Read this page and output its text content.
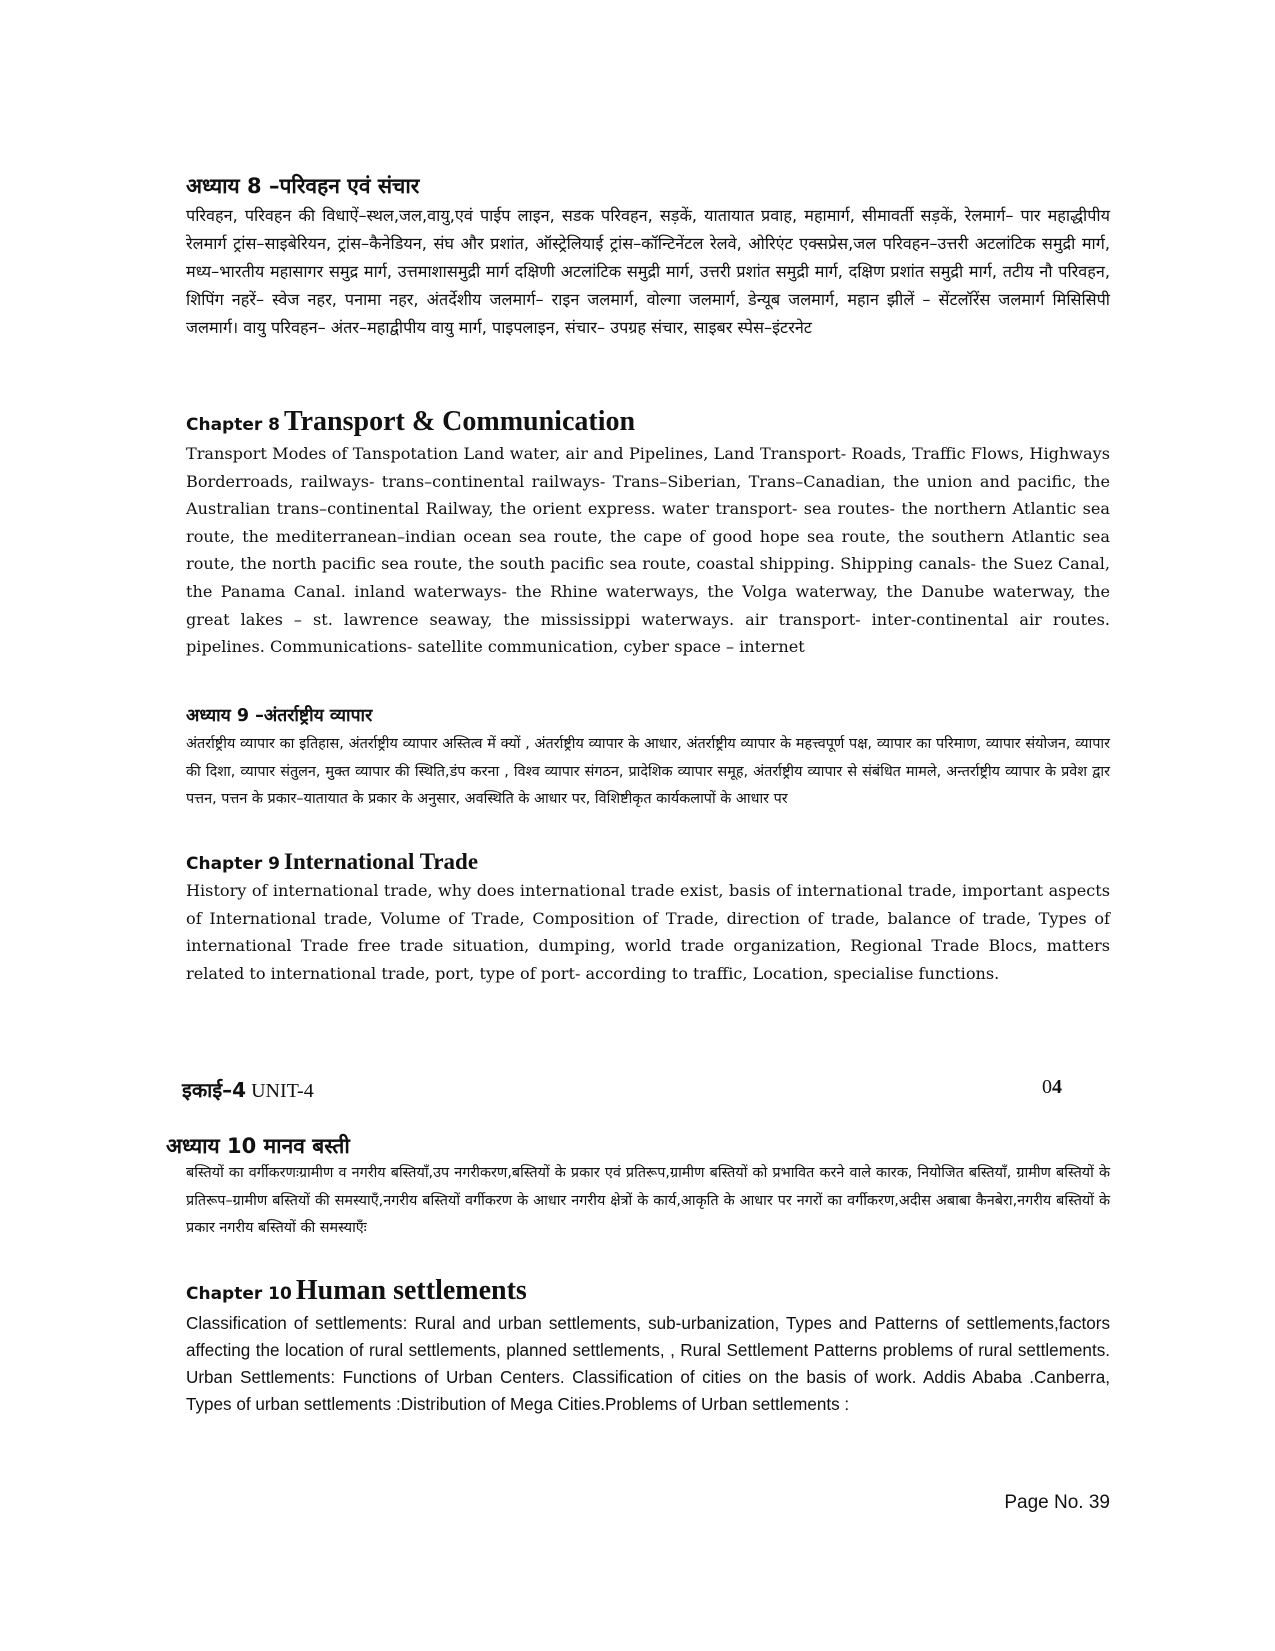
अध्याय 8 –परिवहन एवं संचार
परिवहन, परिवहन की विधाऐं–स्थल,जल,वायु,एवं पाईप लाइन, सडक परिवहन, सड़कें, यातायात प्रवाह, महामार्ग, सीमावर्ती सड़कें, रेलमार्ग– पार महाद्धीपीय रेलमार्ग ट्रांस–साइबेरियन, ट्रांस–कैनेडियन, संघ और प्रशांत, ऑस्ट्रेलियाई ट्रांस–कॉन्टिनेंटल रेलवे, ओरिएंट एक्सप्रेस,जल परिवहन–उत्तरी अटलांटिक समुद्री मार्ग, मध्य–भारतीय महासागर समुद्र मार्ग, उत्तमाशासमुद्री मार्ग दक्षिणी अटलांटिक समुद्री मार्ग, उत्तरी प्रशांत समुद्री मार्ग, दक्षिण प्रशांत समुद्री मार्ग, तटीय नौ परिवहन, शिपिंग नहरें– स्वेज नहर, पनामा नहर, अंतर्देशीय जलमार्ग– राइन जलमार्ग, वोल्गा जलमार्ग, डेन्यूब जलमार्ग, महान झीलें – सेंटलॉरेंस जलमार्ग मिसिसिपी जलमार्ग। वायु परिवहन– अंतर–महाद्वीपीय वायु मार्ग, पाइपलाइन, संचार– उपग्रह संचार, साइबर स्पेस–इंटरनेट
Chapter 8 Transport & Communication
Transport Modes of Tanspotation Land water, air and Pipelines, Land Transport- Roads, Traffic Flows, Highways Borderroads, railways- trans–continental railways- Trans–Siberian, Trans–Canadian, the union and pacific, the Australian trans–continental Railway, the orient express. water transport- sea routes- the northern Atlantic sea route, the mediterranean–indian ocean sea route, the cape of good hope sea route, the southern Atlantic sea route, the north pacific sea route, the south pacific sea route, coastal shipping. Shipping canals- the Suez Canal, the Panama Canal. inland waterways- the Rhine waterways, the Volga waterway, the Danube waterway, the great lakes – st. lawrence seaway, the mississippi waterways. air transport- inter-continental air routes. pipelines. Communications- satellite communication, cyber space – internet
अध्याय 9 –अंतर्राष्ट्रीय व्यापार
अंतर्राष्ट्रीय व्यापार का इतिहास, अंतर्राष्ट्रीय व्यापार अस्तित्व में क्यों , अंतर्राष्ट्रीय व्यापार के आधार, अंतर्राष्ट्रीय व्यापार के महत्त्वपूर्ण पक्ष, व्यापार का परिमाण, व्यापार संयोजन, व्यापार की दिशा, व्यापार संतुलन, मुक्त व्यापार की स्थिति,डंप करना , विश्व व्यापार संगठन, प्रादेशिक व्यापार समूह, अंतर्राष्ट्रीय व्यापार से संबंधित मामले, अन्तर्राष्ट्रीय व्यापार के प्रवेश द्वार पत्तन, पत्तन के प्रकार–यातायात के प्रकार के अनुसार, अवस्थिति के आधार पर, विशिष्टीकृत कार्यकलापों के आधार पर
Chapter 9 International Trade
History of international trade, why does international trade exist, basis of international trade, important aspects of International trade, Volume of Trade, Composition of Trade, direction of trade, balance of trade, Types of international Trade free trade situation, dumping, world trade organization, Regional Trade Blocs, matters related to international trade, port, type of port- according to traffic, Location, specialise functions.
इकाई–4 UNIT-4	04
अध्याय 10 मानव बस्ती
बस्तियों का वर्गीकरणःग्रामीण व नगरीय बस्तियाँ,उप नगरीकरण,बस्तियों के प्रकार एवं प्रतिरूप,ग्रामीण बस्तियों को प्रभावित करने वाले कारक, नियोजित बस्तियाँ, ग्रामीण बस्तियों के प्रतिरूप–ग्रामीण बस्तियों की समस्याएँ,नगरीय बस्तियों वर्गीकरण के आधार नगरीय क्षेत्रों के कार्य,आकृति के आधार पर नगरों का वर्गीकरण,अदीस अबाबा कैनबेरा,नगरीय बस्तियों के प्रकार नगरीय बस्तियों की समस्याएँः
Chapter 10 Human settlements
Classification of settlements: Rural and urban settlements, sub-urbanization, Types and Patterns of settlements,factors affecting the location of rural settlements, planned settlements, , Rural Settlement Patterns problems of rural settlements. Urban Settlements: Functions of Urban Centers. Classification of cities on the basis of work. Addis Ababa .Canberra, Types of urban settlements :Distribution of Mega Cities.Problems of Urban settlements :
Page No. 39
